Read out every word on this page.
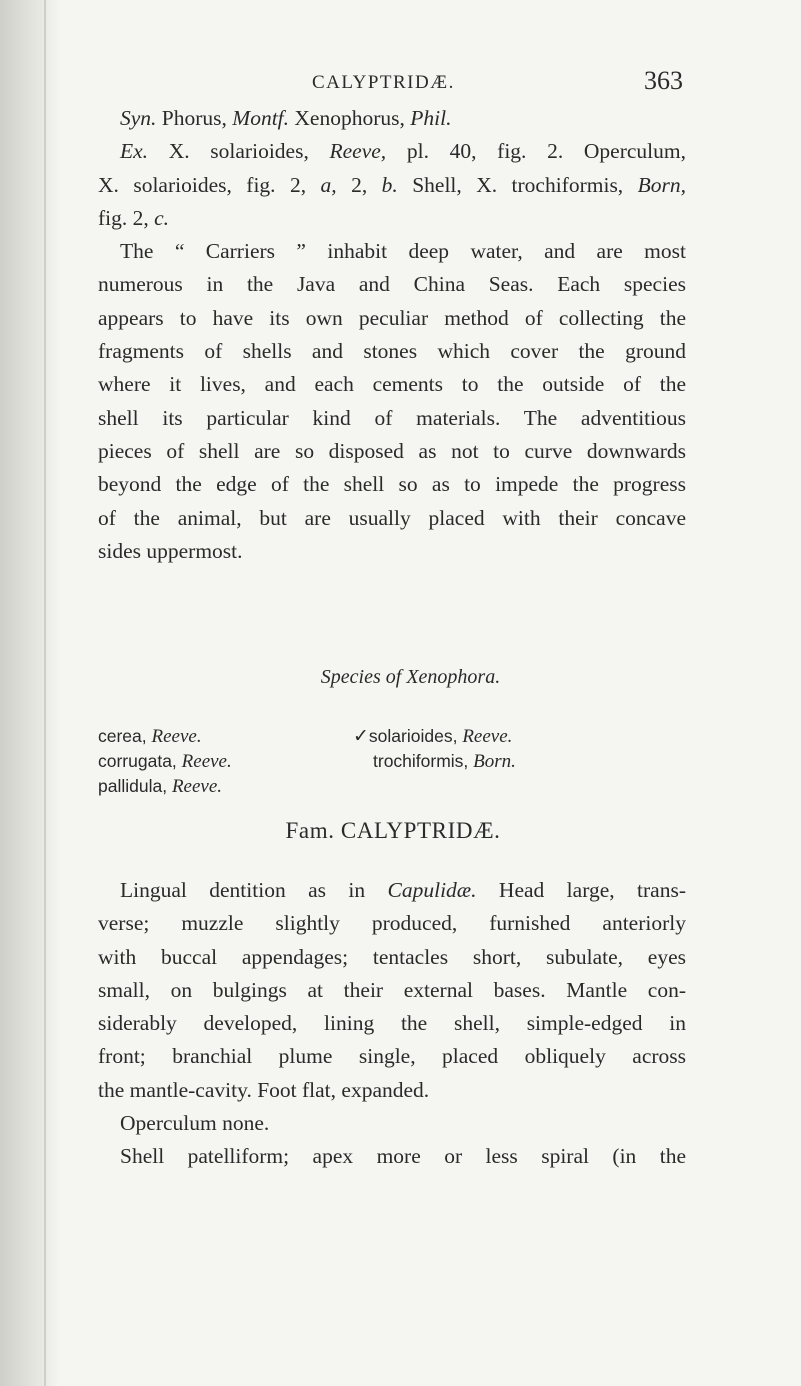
CALYPTRIDÆ.	363

Syn. Phorus, Montf. Xenophorus, Phil.

Ex. X. solarioides, Reeve, pl. 40, fig. 2. Operculum,

X. solarioides, fig. 2, a, 2, b. Shell, X. trochiformis, Born,

fig. 2, c.

The “ Carriers ” inhabit deep water, and are most

numerous in the Java and China Seas. Each species

appears to have its own peculiar method of collecting the

fragments of shells and stones which cover the ground

where it lives, and each cements to the outside of the

shell its particular kind of materials. The adventitious

pieces of shell are so disposed as not to curve downwards

beyond the edge of the shell so as to impede the progress

of the animal, but are usually placed with their concave

sides uppermost.

Species of Xenophora.
cerea, Reeve.
corrugata, Reeve.
pallidula, Reeve.
✓solarioides, Reeve.
trochiformis, Born.
Fam. CALYPTRIDÆ.

Lingual dentition as in Capulidæ. Head large, trans-

verse; muzzle slightly produced, furnished anteriorly

with buccal appendages; tentacles short, subulate, eyes

small, on bulgings at their external bases. Mantle con-

siderably developed, lining the shell, simple-edged in

front; branchial plume single, placed obliquely across

the mantle-cavity. Foot flat, expanded.

Operculum none.

Shell patelliform; apex more or less spiral (in the
